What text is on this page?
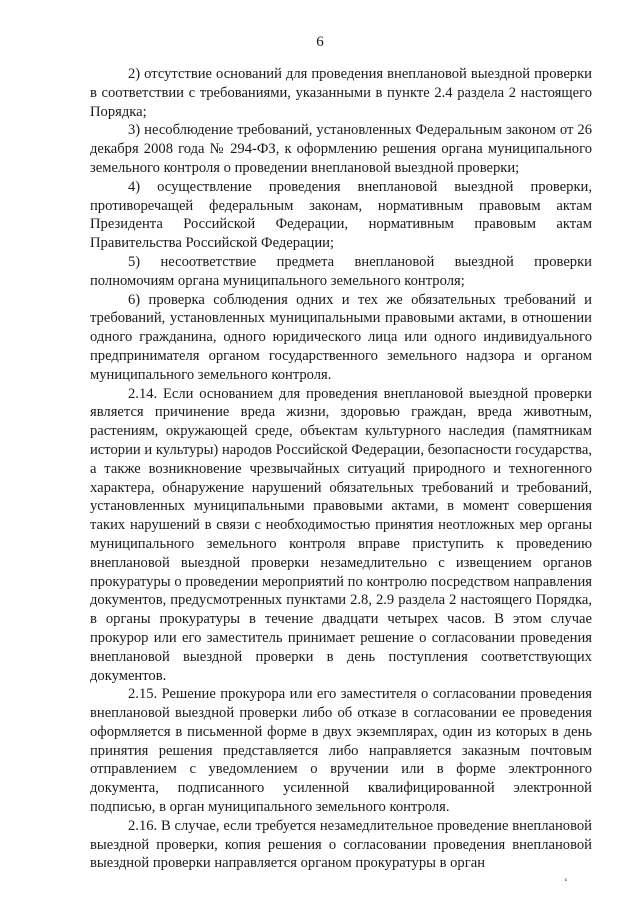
6

2) отсутствие оснований для проведения внеплановой выездной проверки в соответствии с требованиями, указанными в пункте 2.4 раздела 2 настоящего Порядка;

3) несоблюдение требований, установленных Федеральным законом от 26 декабря 2008 года № 294-ФЗ, к оформлению решения органа муниципального земельного контроля о проведении внеплановой выездной проверки;

4) осуществление проведения внеплановой выездной проверки, противоречащей федеральным законам, нормативным правовым актам Президента Российской Федерации, нормативным правовым актам Правительства Российской Федерации;

5) несоответствие предмета внеплановой выездной проверки полномочиям органа муниципального земельного контроля;

6) проверка соблюдения одних и тех же обязательных требований и требований, установленных муниципальными правовыми актами, в отношении одного гражданина, одного юридического лица или одного индивидуального предпринимателя органом государственного земельного надзора и органом муниципального земельного контроля.

2.14. Если основанием для проведения внеплановой выездной проверки является причинение вреда жизни, здоровью граждан, вреда животным, растениям, окружающей среде, объектам культурного наследия (памятникам истории и культуры) народов Российской Федерации, безопасности государства, а также возникновение чрезвычайных ситуаций природного и техногенного характера, обнаружение нарушений обязательных требований и требований, установленных муниципальными правовыми актами, в момент совершения таких нарушений в связи с необходимостью принятия неотложных мер органы муниципального земельного контроля вправе приступить к проведению внеплановой выездной проверки незамедлительно с извещением органов прокуратуры о проведении мероприятий по контролю посредством направления документов, предусмотренных пунктами 2.8, 2.9 раздела 2 настоящего Порядка, в органы прокуратуры в течение двадцати четырех часов. В этом случае прокурор или его заместитель принимает решение о согласовании проведения внеплановой выездной проверки в день поступления соответствующих документов.

2.15. Решение прокурора или его заместителя о согласовании проведения внеплановой выездной проверки либо об отказе в согласовании ее проведения оформляется в письменной форме в двух экземплярах, один из которых в день принятия решения представляется либо направляется заказным почтовым отправлением с уведомлением о вручении или в форме электронного документа, подписанного усиленной квалифицированной электронной подписью, в орган муниципального земельного контроля.

2.16. В случае, если требуется незамедлительное проведение внеплановой выездной проверки, копия решения о согласовании проведения внеплановой выездной проверки направляется органом прокуратуры в орган

ʻ
